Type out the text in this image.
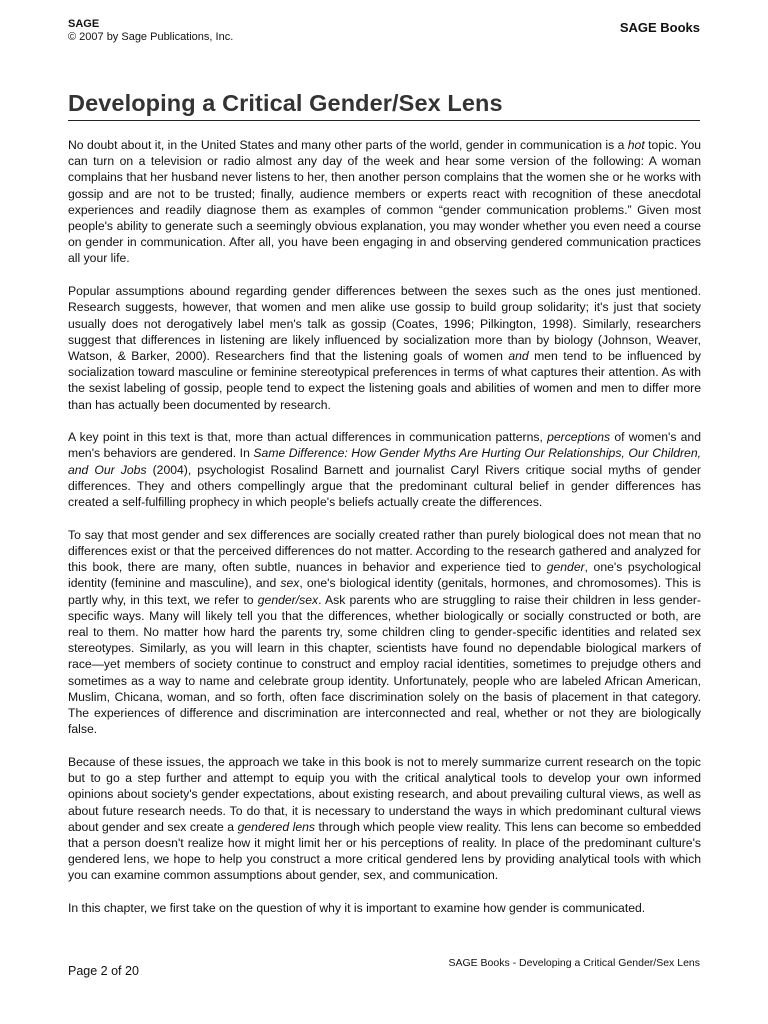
SAGE
© 2007 by Sage Publications, Inc.
SAGE Books
Developing a Critical Gender/Sex Lens

No doubt about it, in the United States and many other parts of the world, gender in communication is a hot topic. You can turn on a television or radio almost any day of the week and hear some version of the following: A woman complains that her husband never listens to her, then another person complains that the women she or he works with gossip and are not to be trusted; finally, audience members or experts react with recognition of these anecdotal experiences and readily diagnose them as examples of common “gender communication problems.” Given most people's ability to generate such a seemingly obvious explanation, you may wonder whether you even need a course on gender in communication. After all, you have been engaging in and observing gendered communication practices all your life.

Popular assumptions abound regarding gender differences between the sexes such as the ones just mentioned. Research suggests, however, that women and men alike use gossip to build group solidarity; it's just that society usually does not derogatively label men's talk as gossip (Coates, 1996; Pilkington, 1998). Similarly, researchers suggest that differences in listening are likely influenced by socialization more than by biology (Johnson, Weaver, Watson, & Barker, 2000). Researchers find that the listening goals of women and men tend to be influenced by socialization toward masculine or feminine stereotypical preferences in terms of what captures their attention. As with the sexist labeling of gossip, people tend to expect the listening goals and abilities of women and men to differ more than has actually been documented by research.

A key point in this text is that, more than actual differences in communication patterns, perceptions of women's and men's behaviors are gendered. In Same Difference: How Gender Myths Are Hurting Our Relationships, Our Children, and Our Jobs (2004), psychologist Rosalind Barnett and journalist Caryl Rivers critique social myths of gender differences. They and others compellingly argue that the predominant cultural belief in gender differences has created a self-fulfilling prophecy in which people's beliefs actually create the differences.

To say that most gender and sex differences are socially created rather than purely biological does not mean that no differences exist or that the perceived differences do not matter. According to the research gathered and analyzed for this book, there are many, often subtle, nuances in behavior and experience tied to gender, one's psychological identity (feminine and masculine), and sex, one's biological identity (genitals, hormones, and chromosomes). This is partly why, in this text, we refer to gender/sex. Ask parents who are struggling to raise their children in less gender-specific ways. Many will likely tell you that the differences, whether biologically or socially constructed or both, are real to them. No matter how hard the parents try, some children cling to gender-specific identities and related sex stereotypes. Similarly, as you will learn in this chapter, scientists have found no dependable biological markers of race—yet members of society continue to construct and employ racial identities, sometimes to prejudge others and sometimes as a way to name and celebrate group identity. Unfortunately, people who are labeled African American, Muslim, Chicana, woman, and so forth, often face discrimination solely on the basis of placement in that category. The experiences of difference and discrimination are interconnected and real, whether or not they are biologically false.

Because of these issues, the approach we take in this book is not to merely summarize current research on the topic but to go a step further and attempt to equip you with the critical analytical tools to develop your own informed opinions about society's gender expectations, about existing research, and about prevailing cultural views, as well as about future research needs. To do that, it is necessary to understand the ways in which predominant cultural views about gender and sex create a gendered lens through which people view reality. This lens can become so embedded that a person doesn't realize how it might limit her or his perceptions of reality. In place of the predominant culture's gendered lens, we hope to help you construct a more critical gendered lens by providing analytical tools with which you can examine common assumptions about gender, sex, and communication.

In this chapter, we first take on the question of why it is important to examine how gender is communicated.

Page 2 of 20
SAGE Books - Developing a Critical Gender/Sex Lens
